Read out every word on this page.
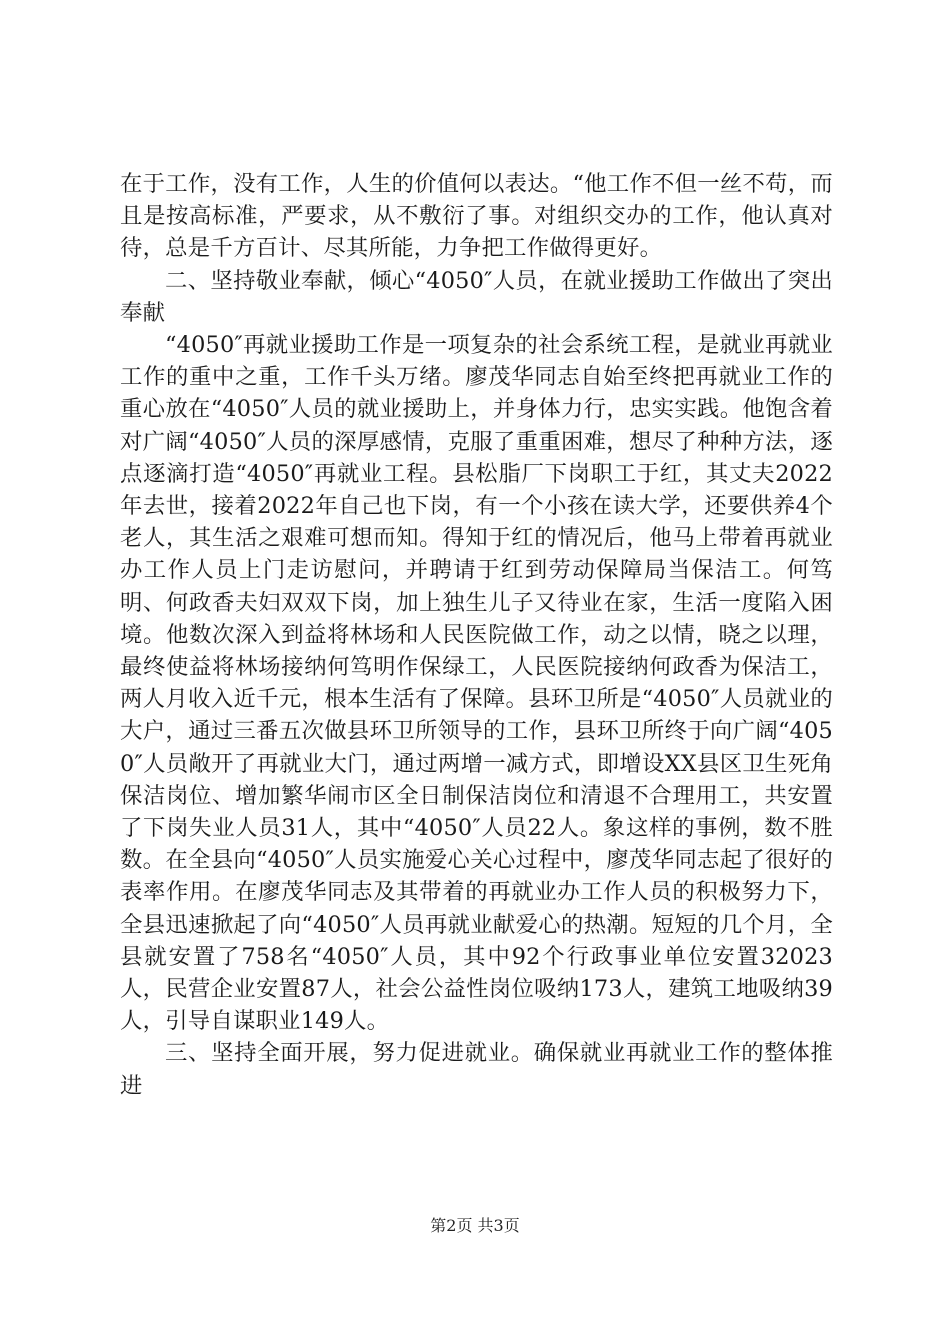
在于工作，没有工作，人生的价值何以表达。“他工作不但一丝不苟，而且是按高标准，严要求，从不敷衍了事。对组织交办的工作，他认真对待，总是千方百计、尽其所能，力争把工作做得更好。

二、坚持敬业奉献，倾心“4050″人员，在就业援助工作做出了突出奉献

“4050″再就业援助工作是一项复杂的社会系统工程，是就业再就业工作的重中之重，工作千头万绪。廖茂华同志自始至终把再就业工作的重心放在“4050″人员的就业援助上，并身体力行，忠实实践。他饱含着对广阔“4050″人员的深厚感情，克服了重重困难，想尽了种种方法，逐点逐滴打造“4050″再就业工程。县松脂厂下岗职工于红，其丈夫2022年去世，接着2022年自己也下岗，有一个小孩在读大学，还要供养4个老人，其生活之艰难可想而知。得知于红的情况后，他马上带着再就业办工作人员上门走访慰问，并聘请于红到劳动保障局当保洁工。何笃明、何政香夫妇双双下岗，加上独生儿子又待业在家，生活一度陷入困境。他数次深入到益将林场和人民医院做工作，动之以情，晓之以理，最终使益将林场接纳何笃明作保绿工，人民医院接纳何政香为保洁工，两人月收入近千元，根本生活有了保障。县环卫所是“4050″人员就业的大户，通过三番五次做县环卫所领导的工作，县环卫所终于向广阔“4050″人员敞开了再就业大门，通过两增一减方式，即增设XX县区卫生死角保洁岗位、增加繁华闹市区全日制保洁岗位和清退不合理用工，共安置了下岗失业人员31人，其中“4050″人员22人。象这样的事例，数不胜数。在全县向“4050″人员实施爱心关心过程中，廖茂华同志起了很好的表率作用。在廖茂华同志及其带着的再就业办工作人员的积极努力下，全县迅速掀起了向“4050″人员再就业献爱心的热潮。短短的几个月，全县就安置了758名“4050″人员，其中92个行政事业单位安置32023人，民营企业安置87人，社会公益性岗位吸纳173人，建筑工地吸纳39人，引导自谋职业149人。

三、坚持全面开展，努力促进就业。确保就业再就业工作的整体推进

第2页 共3页
